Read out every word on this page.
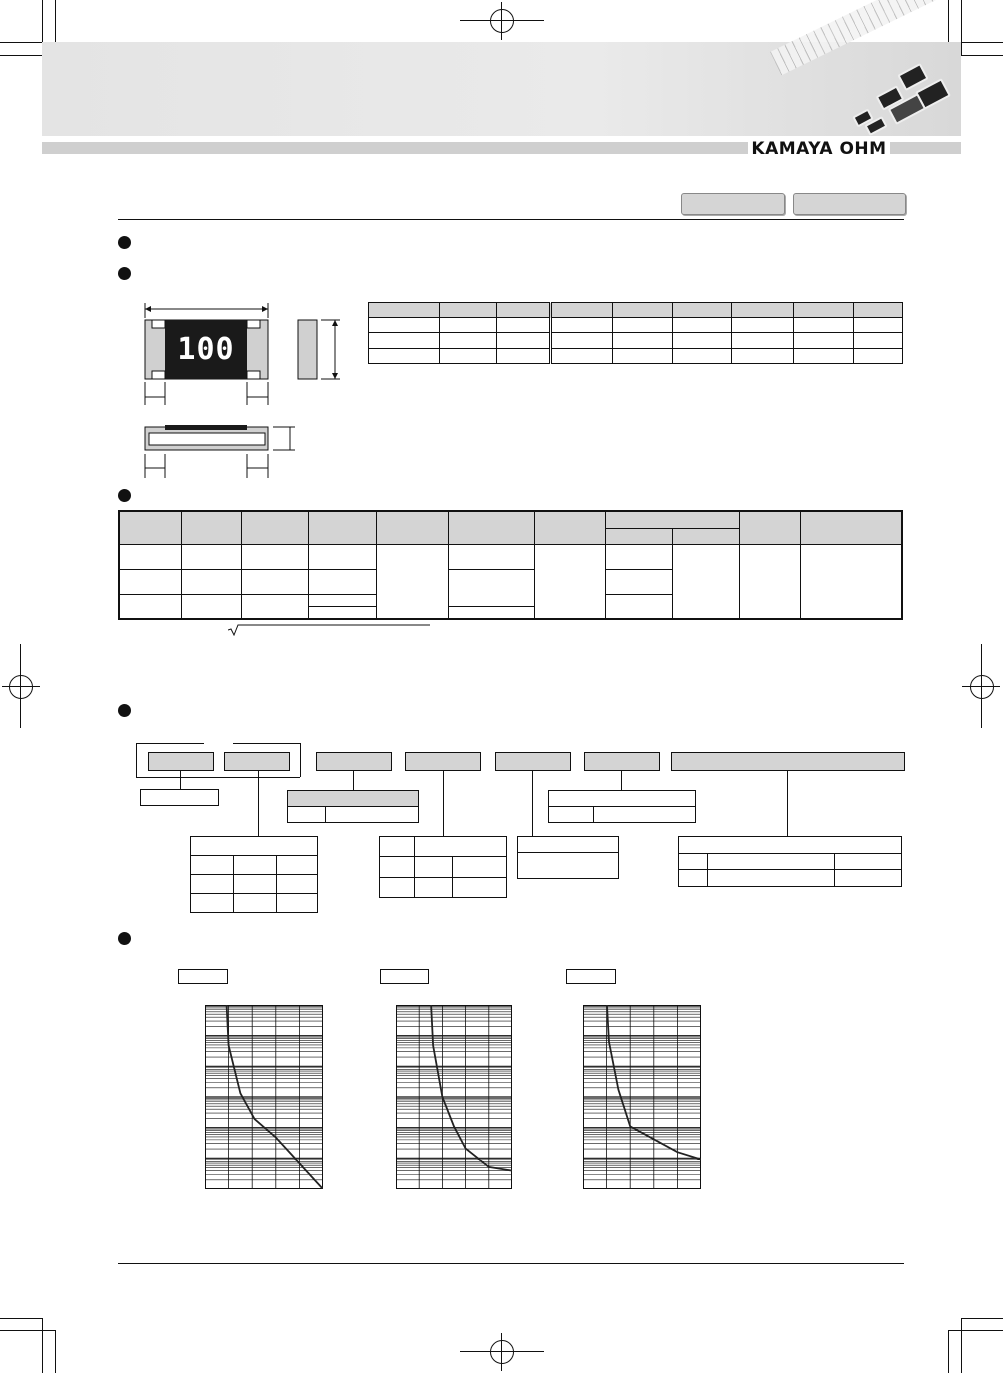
KAMAYA OHM
100
